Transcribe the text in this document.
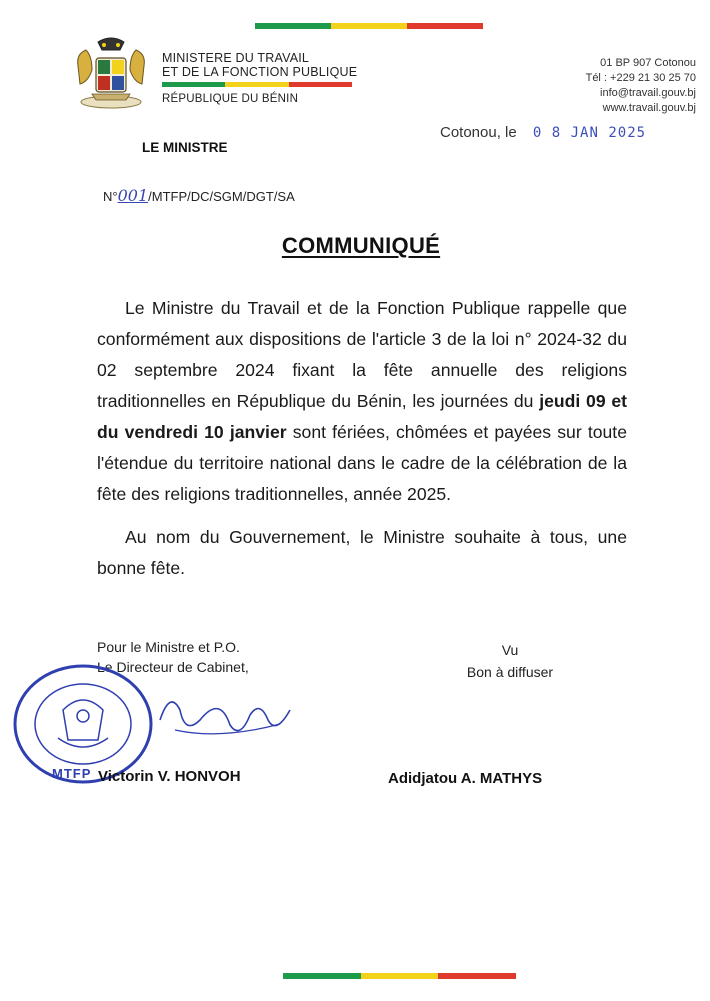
MINISTERE DU TRAVAIL
ET DE LA FONCTION PUBLIQUE
RÉPUBLIQUE DU BÉNIN
01 BP 907 Cotonou
Tél : +229 21 30 25 70
info@travail.gouv.bj
www.travail.gouv.bj
Cotonou, le 0 8 JAN 2025
LE MINISTRE
N°001/MTFP/DC/SGM/DGT/SA
COMMUNIQUÉ

Le Ministre du Travail et de la Fonction Publique rappelle que conformément aux dispositions de l'article 3 de la loi n° 2024-32 du 02 septembre 2024 fixant la fête annuelle des religions traditionnelles en République du Bénin, les journées du jeudi 09 et du vendredi 10 janvier sont fériées, chômées et payées sur toute l'étendue du territoire national dans le cadre de la célébration de la fête des religions traditionnelles, année 2025.

Au nom du Gouvernement, le Ministre souhaite à tous, une bonne fête.

Pour le Ministre et P.O.
Le Directeur de Cabinet,
MTFP Victorin V. HONVOH
Vu
Bon à diffuser
Adidjatou A. MATHYS
